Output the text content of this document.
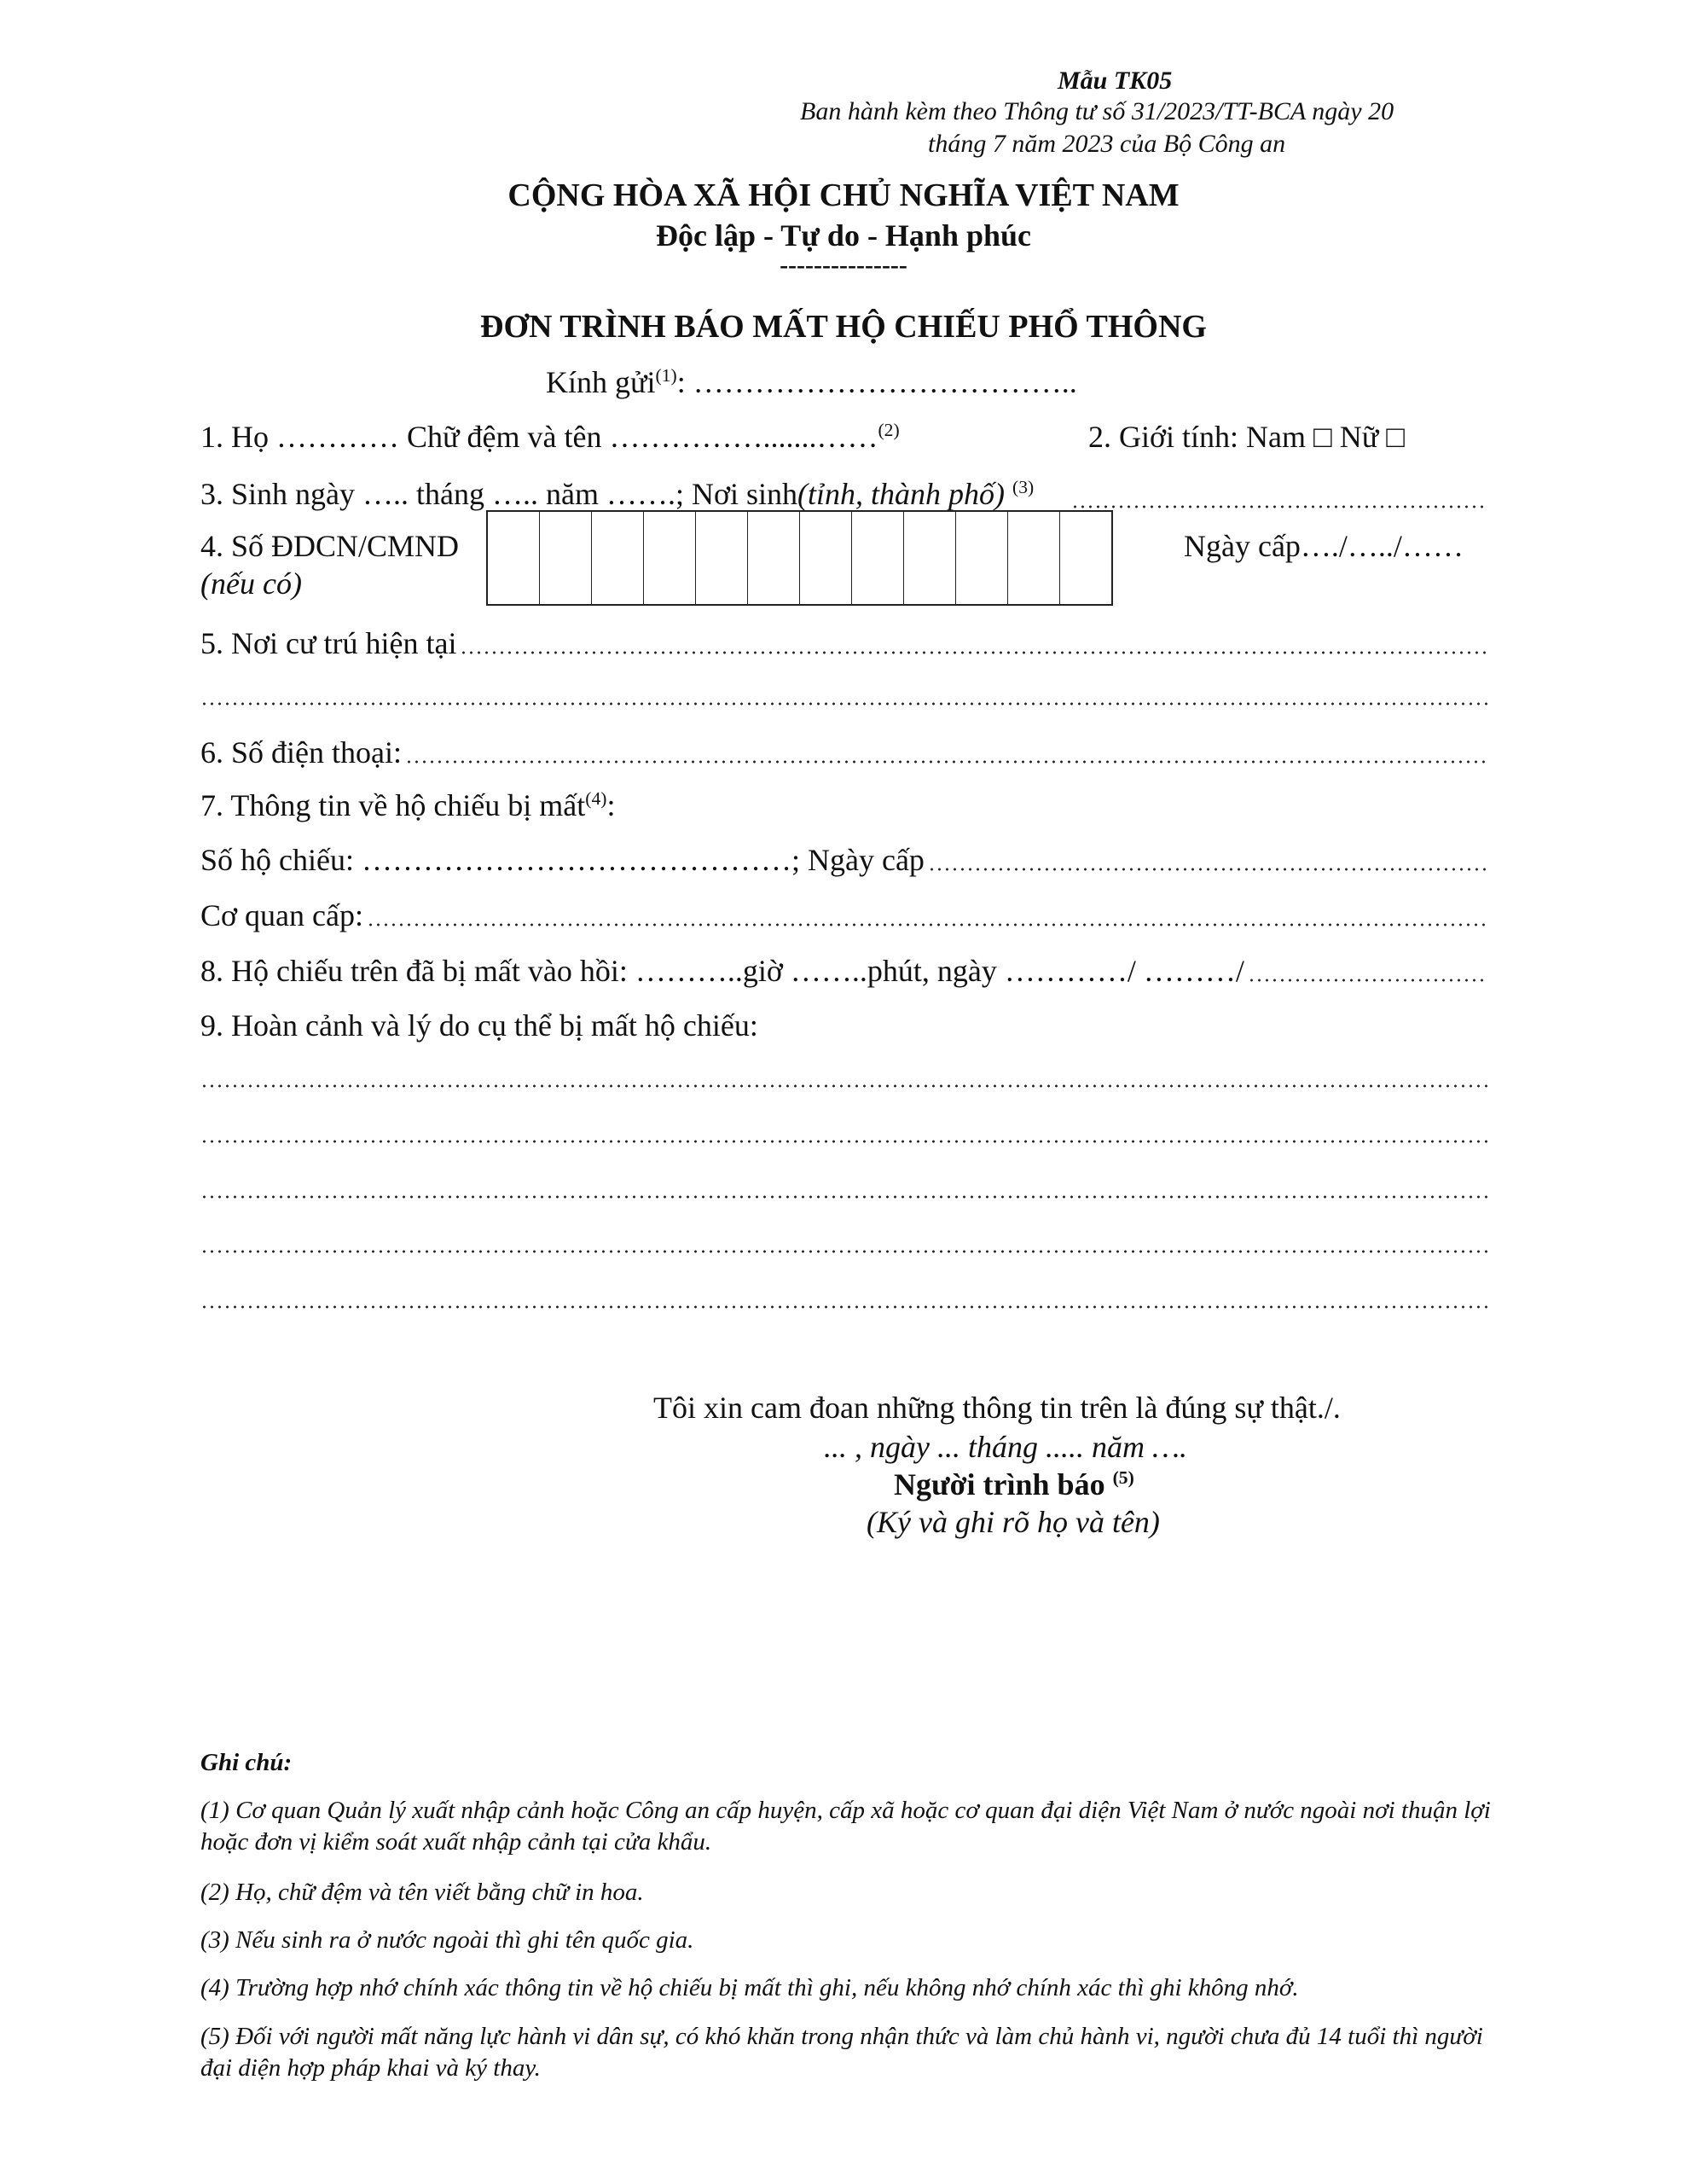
Mẫu TK05
Ban hành kèm theo Thông tư số 31/2023/TT-BCA ngày 20
tháng 7 năm 2023 của Bộ Công an
CỘNG HÒA XÃ HỘI CHỦ NGHĨA VIỆT NAM
Độc lập - Tự do - Hạnh phúc
---------------
ĐƠN TRÌNH BÁO MẤT HỘ CHIẾU PHỔ THÔNG
Kính gửi$^{(1)}$: ………………………………..
1. Họ ………… Chữ đệm và tên …………….......……$^{(2)}$	2. Giới tính: Nam □ Nữ □
3. Sinh ngày ….. tháng ….. năm …….; Nơi sinh (tỉnh, thành phố) $^{(3)}$
4. Số ĐDCN/CMND
(nếu có)
Ngày cấp…./…../……
5. Nơi cư trú hiện tại
6. Số điện thoại:
7. Thông tin về hộ chiếu bị mất$^{(4)}$:
Số hộ chiếu: ……………………………………; Ngày cấp
Cơ quan cấp:
8. Hộ chiếu trên đã bị mất vào hồi: ………..giờ ……..phút, ngày …………/ ………/
9. Hoàn cảnh và lý do cụ thể bị mất hộ chiếu:
Tôi xin cam đoan những thông tin trên là đúng sự thật./.
... , ngày ... tháng ..... năm ….
Người trình báo $^{(5)}$
(Ký và ghi rõ họ và tên)
Ghi chú:
(1) Cơ quan Quản lý xuất nhập cảnh hoặc Công an cấp huyện, cấp xã hoặc cơ quan đại diện Việt Nam ở nước ngoài nơi thuận lợi hoặc đơn vị kiểm soát xuất nhập cảnh tại cửa khẩu.
(2) Họ, chữ đệm và tên viết bằng chữ in hoa.
(3) Nếu sinh ra ở nước ngoài thì ghi tên quốc gia.
(4) Trường hợp nhớ chính xác thông tin về hộ chiếu bị mất thì ghi, nếu không nhớ chính xác thì ghi không nhớ.
(5) Đối với người mất năng lực hành vi dân sự, có khó khăn trong nhận thức và làm chủ hành vi, người chưa đủ 14 tuổi thì người đại diện hợp pháp khai và ký thay.
